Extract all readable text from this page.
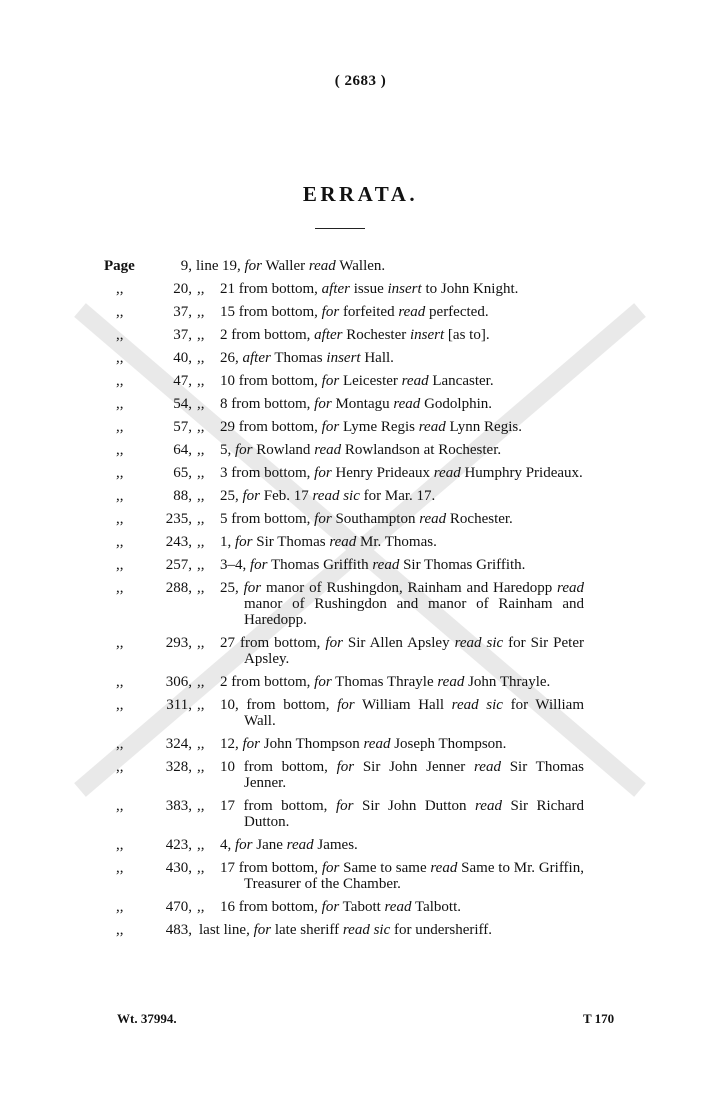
( 2683 )
ERRATA.
Page	9, line 19, for Waller read Wallen.
,,	20, ,, 21 from bottom, after issue insert to John Knight.
,,	37, ,, 15 from bottom, for forfeited read perfected.
,,	37, ,, 2 from bottom, after Rochester insert [as to].
,,	40, ,, 26, after Thomas insert Hall.
,,	47, ,, 10 from bottom, for Leicester read Lancaster.
,,	54, ,, 8 from bottom, for Montagu read Godolphin.
,,	57, ,, 29 from bottom, for Lyme Regis read Lynn Regis.
,,	64, ,, 5, for Rowland read Rowlandson at Rochester.
,,	65, ,, 3 from bottom, for Henry Prideaux read Humphry Prideaux.
,,	88, ,, 25, for Feb. 17 read sic for Mar. 17.
,,	235, ,, 5 from bottom, for Southampton read Rochester.
,,	243, ,, 1, for Sir Thomas read Mr. Thomas.
,,	257, ,, 3–4, for Thomas Griffith read Sir Thomas Griffith.
,,	288, ,, 25, for manor of Rushingdon, Rainham and Haredopp read manor of Rushingdon and manor of Rainham and Haredopp.
,,	293, ,, 27 from bottom, for Sir Allen Apsley read sic for Sir Peter Apsley.
,,	306, ,, 2 from bottom, for Thomas Thrayle read John Thrayle.
,,	311, ,, 10, from bottom, for William Hall read sic for William Wall.
,,	324, ,, 12, for John Thompson read Joseph Thompson.
,,	328, ,, 10 from bottom, for Sir John Jenner read Sir Thomas Jenner.
,,	383, ,, 17 from bottom, for Sir John Dutton read Sir Richard Dutton.
,,	423, ,, 4, for Jane read James.
,,	430, ,, 17 from bottom, for Same to same read Same to Mr. Griffin, Treasurer of the Chamber.
,,	470, ,, 16 from bottom, for Tabott read Talbott.
,,	483, last line, for late sheriff read sic for undersheriff.
Wt. 37994.	T 170
